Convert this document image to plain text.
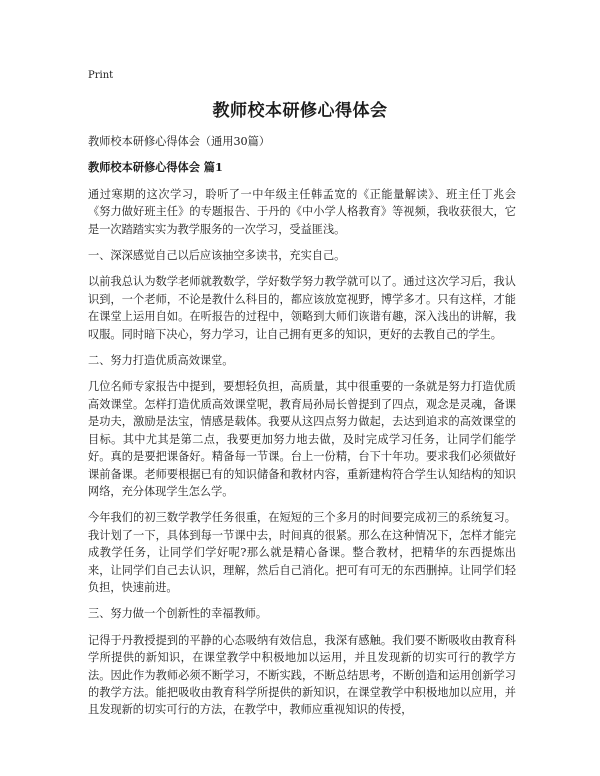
Print
教师校本研修心得体会

教师校本研修心得体会（通用30篇）

教师校本研修心得体会 篇1

通过寒期的这次学习，聆听了一中年级主任韩孟宽的《正能量解读》、班主任丁兆会《努力做好班主任》的专题报告、于丹的《中小学人格教育》等视频，我收获很大，它是一次踏踏实实为教学服务的一次学习，受益匪浅。

一、深深感觉自己以后应该抽空多读书，充实自己。

以前我总认为数学老师就教数学，学好数学努力教学就可以了。通过这次学习后，我认识到，一个老师，不论是教什么科目的，都应该放宽视野，博学多才。只有这样，才能在课堂上运用自如。在听报告的过程中，领略到大师们诙谐有趣，深入浅出的讲解，我叹服。同时暗下决心，努力学习，让自己拥有更多的知识，更好的去教自己的学生。

二、努力打造优质高效课堂。

几位名师专家报告中提到，要想轻负担，高质量，其中很重要的一条就是努力打造优质高效课堂。怎样打造优质高效课堂呢，教育局孙局长曾提到了四点，观念是灵魂，备课是功夫，激励是法宝，情感是载体。我要从这四点努力做起，去达到追求的高效课堂的目标。其中尤其是第二点，我要更加努力地去做，及时完成学习任务，让同学们能学好。真的是要把课备好。精备每一节课。台上一份精，台下十年功。要求我们必须做好课前备课。老师要根据已有的知识储备和教材内容，重新建构符合学生认知结构的知识网络，充分体现学生怎么学。

今年我们的初三数学教学任务很重，在短短的三个多月的时间要完成初三的系统复习。我计划了一下，具体到每一节课中去，时间真的很紧。那么在这种情况下，怎样才能完成教学任务，让同学们学好呢?那么就是精心备课。整合教材，把精华的东西提炼出来，让同学们自己去认识，理解，然后自己消化。把可有可无的东西删掉。让同学们轻负担，快速前进。

三、努力做一个创新性的幸福教师。

记得于丹教授提到的平静的心态吸纳有效信息，我深有感触。我们要不断吸收由教育科学所提供的新知识，在课堂教学中积极地加以运用，并且发现新的切实可行的教学方法。因此作为教师必须不断学习，不断实践，不断总结思考，不断创造和运用创新学习的教学方法。能把吸收由教育科学所提供的新知识，在课堂教学中积极地加以应用，并且发现新的切实可行的方法，在教学中，教师应重视知识的传授，
